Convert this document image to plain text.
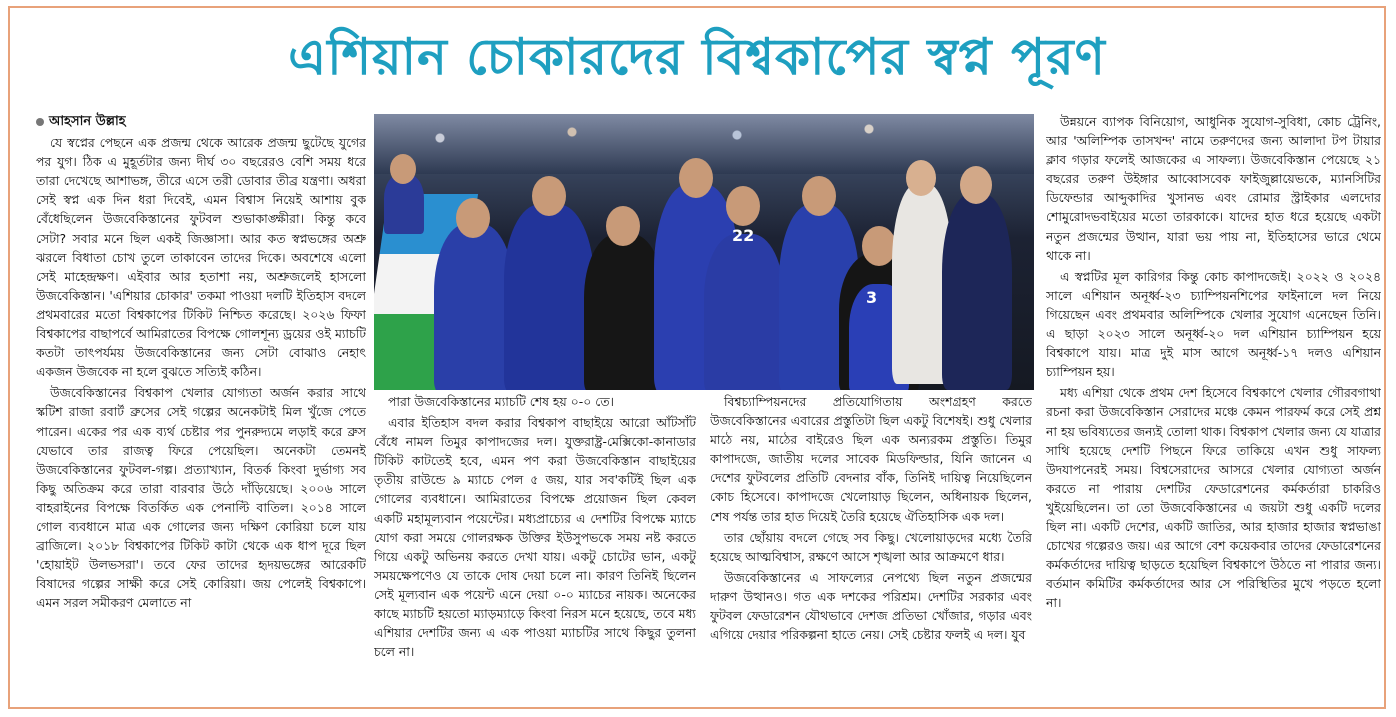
এশিয়ান চোকারদের বিশ্বকাপের স্বপ্ন পূরণ

আহসান উল্লাহ

যে স্বপ্নের পেছনে এক প্রজন্ম থেকে আরেক প্রজন্ম ছুটেছে যুগের পর যুগ। ঠিক এ মুহূর্তটার জন্য দীর্ঘ ৩০ বছরেরও বেশি সময় ধরে তারা দেখেছে আশাভঙ্গ, তীরে এসে তরী ডোবার তীব্র যন্ত্রণা। অধরা সেই স্বপ্ন এক দিন ধরা দিবেই, এমন বিশ্বাস নিয়েই আশায় বুক বেঁধেছিলেন উজবেকিস্তানের ফুটবল শুভাকাঙ্ক্ষীরা। কিন্তু কবে সেটা? সবার মনে ছিল একই জিজ্ঞাসা। আর কত স্বপ্নভঙ্গের অশ্রু ঝরলে বিধাতা চোখ তুলে তাকাবেন তাদের দিকে। অবশেষে এলো সেই মাহেন্দ্রক্ষণ। এইবার আর হতাশা নয়, অশ্রুজলেই হাসলো উজবেকিস্তান। 'এশিয়ার চোকার' তকমা পাওয়া দলটি ইতিহাস বদলে প্রথমবারের মতো বিশ্বকাপের টিকিট নিশ্চিত করেছে। ২০২৬ ফিফা বিশ্বকাপের বাছাপর্বে আমিরাতের বিপক্ষে গোলশূন্য ড্রয়ের ওই ম্যাচটি কতটা তাৎপর্যময় উজবেকিস্তানের জন্য সেটা বোঝাও নেহাৎ একজন উজবেক না হলে বুঝতে সত্যিই কঠিন।

উজবেকিস্তানের বিশ্বকাপ খেলার যোগ্যতা অর্জন করার সাথে স্কটিশ রাজা রবার্ট ব্রুসের সেই গল্পের অনেকটাই মিল খুঁজে পেতে পারেন। একের পর এক ব্যর্থ চেষ্টার পর পুনরুদ্যমে লড়াই করে ব্রুস যেভাবে তার রাজত্ব ফিরে পেয়েছিল। অনেকটা তেমনই উজবেকিস্তানের ফুটবল-গল্প। প্রত্যাখ্যান, বিতর্ক কিংবা দুর্ভাগ্য সব কিছু অতিক্রম করে তারা বারবার উঠে দাঁড়িয়েছে। ২০০৬ সালে বাহরাইনের বিপক্ষে বিতর্কিত এক পেনাল্টি বাতিল। ২০১৪ সালে গোল ব্যবধানে মাত্র এক গোলের জন্য দক্ষিণ কোরিয়া চলে যায় ব্রাজিলে। ২০১৮ বিশ্বকাপের টিকিট কাটা থেকে এক ধাপ দূরে ছিল 'হোয়াইট উলভসরা'। তবে ফের তাদের হৃদয়ভঙ্গের আরেকটি বিষাদের গল্পের সাক্ষী করে সেই কোরিয়া। জয় পেলেই বিশ্বকাপে। এমন সরল সমীকরণ মেলাতে না

22
3

পারা উজবেকিস্তানের ম্যাচটি শেষ হয় ০-০ তে।

এবার ইতিহাস বদল করার বিশ্বকাপ বাছাইয়ে আরো আঁটসাঁট বেঁধে নামল তিমুর কাপাদজের দল। যুক্তরাষ্ট্র-মেক্সিকো-কানাডার টিকিট কাটতেই হবে, এমন পণ করা উজবেকিস্তান বাছাইয়ের তৃতীয় রাউন্ডে ৯ ম্যাচে পেল ৫ জয়, যার সব'কটিই ছিল এক গোলের ব্যবধানে। আমিরাতের বিপক্ষে প্রয়োজন ছিল কেবল একটি মহামূল্যবান পয়েন্টের। মধ্যপ্রাচ্যের এ দেশটির বিপক্ষে ম্যাচে যোগ করা সময়ে গোলরক্ষক উক্তির ইউসুপভকে সময় নষ্ট করতে গিয়ে একটু অভিনয় করতে দেখা যায়। একটু চোটের ভান, একটু সময়ক্ষেপণেও যে তাকে দোষ দেয়া চলে না। কারণ তিনিই ছিলেন সেই মূল্যবান এক পয়েন্ট এনে দেয়া ০-০ ম্যাচের নায়ক। অনেকের কাছে ম্যাচটি হয়তো ম্যাড়ম্যাড়ে কিংবা নিরস মনে হয়েছে, তবে মধ্য এশিয়ার দেশটির জন্য এ এক পাওয়া ম্যাচটির সাথে কিছুর তুলনা চলে না।

বিশ্বচ্যাম্পিয়নদের প্রতিযোগিতায় অংশগ্রহণ করতে উজবেকিস্তানের এবারের প্রস্তুতিটা ছিল একটু বিশেষই। শুধু খেলার মাঠে নয়, মাঠের বাইরেও ছিল এক অন্যরকম প্রস্তুতি। তিমুর কাপাদজে, জাতীয় দলের সাবেক মিডফিল্ডার, যিনি জানেন এ দেশের ফুটবলের প্রতিটি বেদনার বাঁক, তিনিই দায়িত্ব নিয়েছিলেন কোচ হিসেবে। কাপাদজে খেলোয়াড় ছিলেন, অধিনায়ক ছিলেন, শেষ পর্যন্ত তার হাত দিয়েই তৈরি হয়েছে ঐতিহাসিক এক দল।

তার ছোঁয়ায় বদলে গেছে সব কিছু। খেলোয়াড়দের মধ্যে তৈরি হয়েছে আত্মবিশ্বাস, রক্ষণে আসে শৃঙ্খলা আর আক্রমণে ধার।

উজবেকিস্তানের এ সাফল্যের নেপথ্যে ছিল নতুন প্রজন্মের দারুণ উত্থানও। গত এক দশকের পরিশ্রম। দেশটির সরকার এবং ফুটবল ফেডারেশন যৌথভাবে দেশজ প্রতিভা খোঁজার, গড়ার এবং এগিয়ে দেয়ার পরিকল্পনা হাতে নেয়। সেই চেষ্টার ফলই এ দল। যুব

উন্নয়নে ব্যাপক বিনিয়োগ, আধুনিক সুযোগ-সুবিধা, কোচ ট্রেনিং, আর 'অলিম্পিক তাসখন্দ' নামে তরুণদের জন্য আলাদা টপ টায়ার ক্লাব গড়ার ফলেই আজকের এ সাফল্য। উজবেকিস্তান পেয়েছে ২১ বছরের তরুণ উইঙ্গার আব্বোসবেক ফাইজুল্লায়েভকে, ম্যানসিটির ডিফেন্ডার আব্দুকাদির খুসানভ এবং রোমার স্ট্রাইকার এলদোর শোমুরোদভবাইয়ের মতো তারকাকে। যাদের হাত ধরে হয়েছে একটা নতুন প্রজন্মের উত্থান, যারা ভয় পায় না, ইতিহাসের ভারে থেমে থাকে না।

এ স্বপ্নটির মূল কারিগর কিন্তু কোচ কাপাদজেই। ২০২২ ও ২০২৪ সালে এশিয়ান অনূর্ধ্ব-২৩ চ্যাম্পিয়নশিপের ফাইনালে দল নিয়ে গিয়েছেন এবং প্রথমবার অলিম্পিকে খেলার সুযোগ এনেছেন তিনি। এ ছাড়া ২০২৩ সালে অনূর্ধ্ব-২০ দল এশিয়ান চ্যাম্পিয়ন হয়ে বিশ্বকাপে যায়। মাত্র দুই মাস আগে অনূর্ধ্ব-১৭ দলও এশিয়ান চ্যাম্পিয়ন হয়।

মধ্য এশিয়া থেকে প্রথম দেশ হিসেবে বিশ্বকাপে খেলার গৌরবগাথা রচনা করা উজবেকিস্তান সেরাদের মঞ্চে কেমন পারফর্ম করে সেই প্রশ্ন না হয় ভবিষ্যতের জন্যই তোলা থাক। বিশ্বকাপ খেলার জন্য যে যাত্রার সাথি হয়েছে দেশটি পিছনে ফিরে তাকিয়ে এখন শুধু সাফল্য উদযাপনেরই সময়। বিশ্বসেরাদের আসরে খেলার যোগ্যতা অর্জন করতে না পারায় দেশটির ফেডারেশনের কর্মকর্তারা চাকরিও খুইয়েছিলেন। তা তো উজবেকিস্তানের এ জয়টা শুধু একটি দলের ছিল না। একটি দেশের, একটি জাতির, আর হাজার হাজার স্বপ্নভাঙা চোখের গল্পেরও জয়। এর আগে বেশ কয়েকবার তাদের ফেডারেশনের কর্মকর্তাদের দায়িত্ব ছাড়তে হয়েছিল বিশ্বকাপে উঠতে না পারার জন্য। বর্তমান কমিটির কর্মকর্তাদের আর সে পরিস্থিতির মুখে পড়তে হলো না।
